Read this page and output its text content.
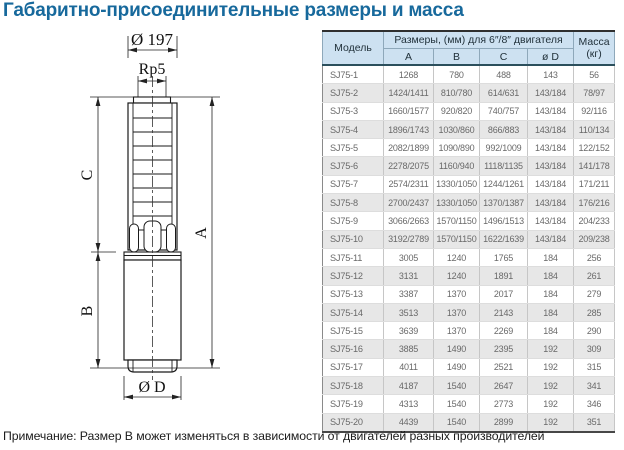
Габаритно-присоединительные размеры и масса
Ø 197
Rp5
Ø D
C
B
A
Модель	Размеры, (мм) для 6″/8″ двигателя				Масса
(кг)

	A	B	C	ø D	
SJ75-1	1268	780	488	143	56
SJ75-2	1424/1411	810/780	614/631	143/184	78/97
SJ75-3	1660/1577	920/820	740/757	143/184	92/116
SJ75-4	1896/1743	1030/860	866/883	143/184	110/134
SJ75-5	2082/1899	1090/890	992/1009	143/184	122/152
SJ75-6	2278/2075	1160/940	1118/1135	143/184	141/178
SJ75-7	2574/2311	1330/1050	1244/1261	143/184	171/211
SJ75-8	2700/2437	1330/1050	1370/1387	143/184	176/216
SJ75-9	3066/2663	1570/1150	1496/1513	143/184	204/233
SJ75-10	3192/2789	1570/1150	1622/1639	143/184	209/238
SJ75-11	3005	1240	1765	184	256
SJ75-12	3131	1240	1891	184	261
SJ75-13	3387	1370	2017	184	279
SJ75-14	3513	1370	2143	184	285
SJ75-15	3639	1370	2269	184	290
SJ75-16	3885	1490	2395	192	309
SJ75-17	4011	1490	2521	192	315
SJ75-18	4187	1540	2647	192	341
SJ75-19	4313	1540	2773	192	346
SJ75-20	4439	1540	2899	192	351
Примечание: Размер B может изменяться в зависимости от двигателей разных производителей
